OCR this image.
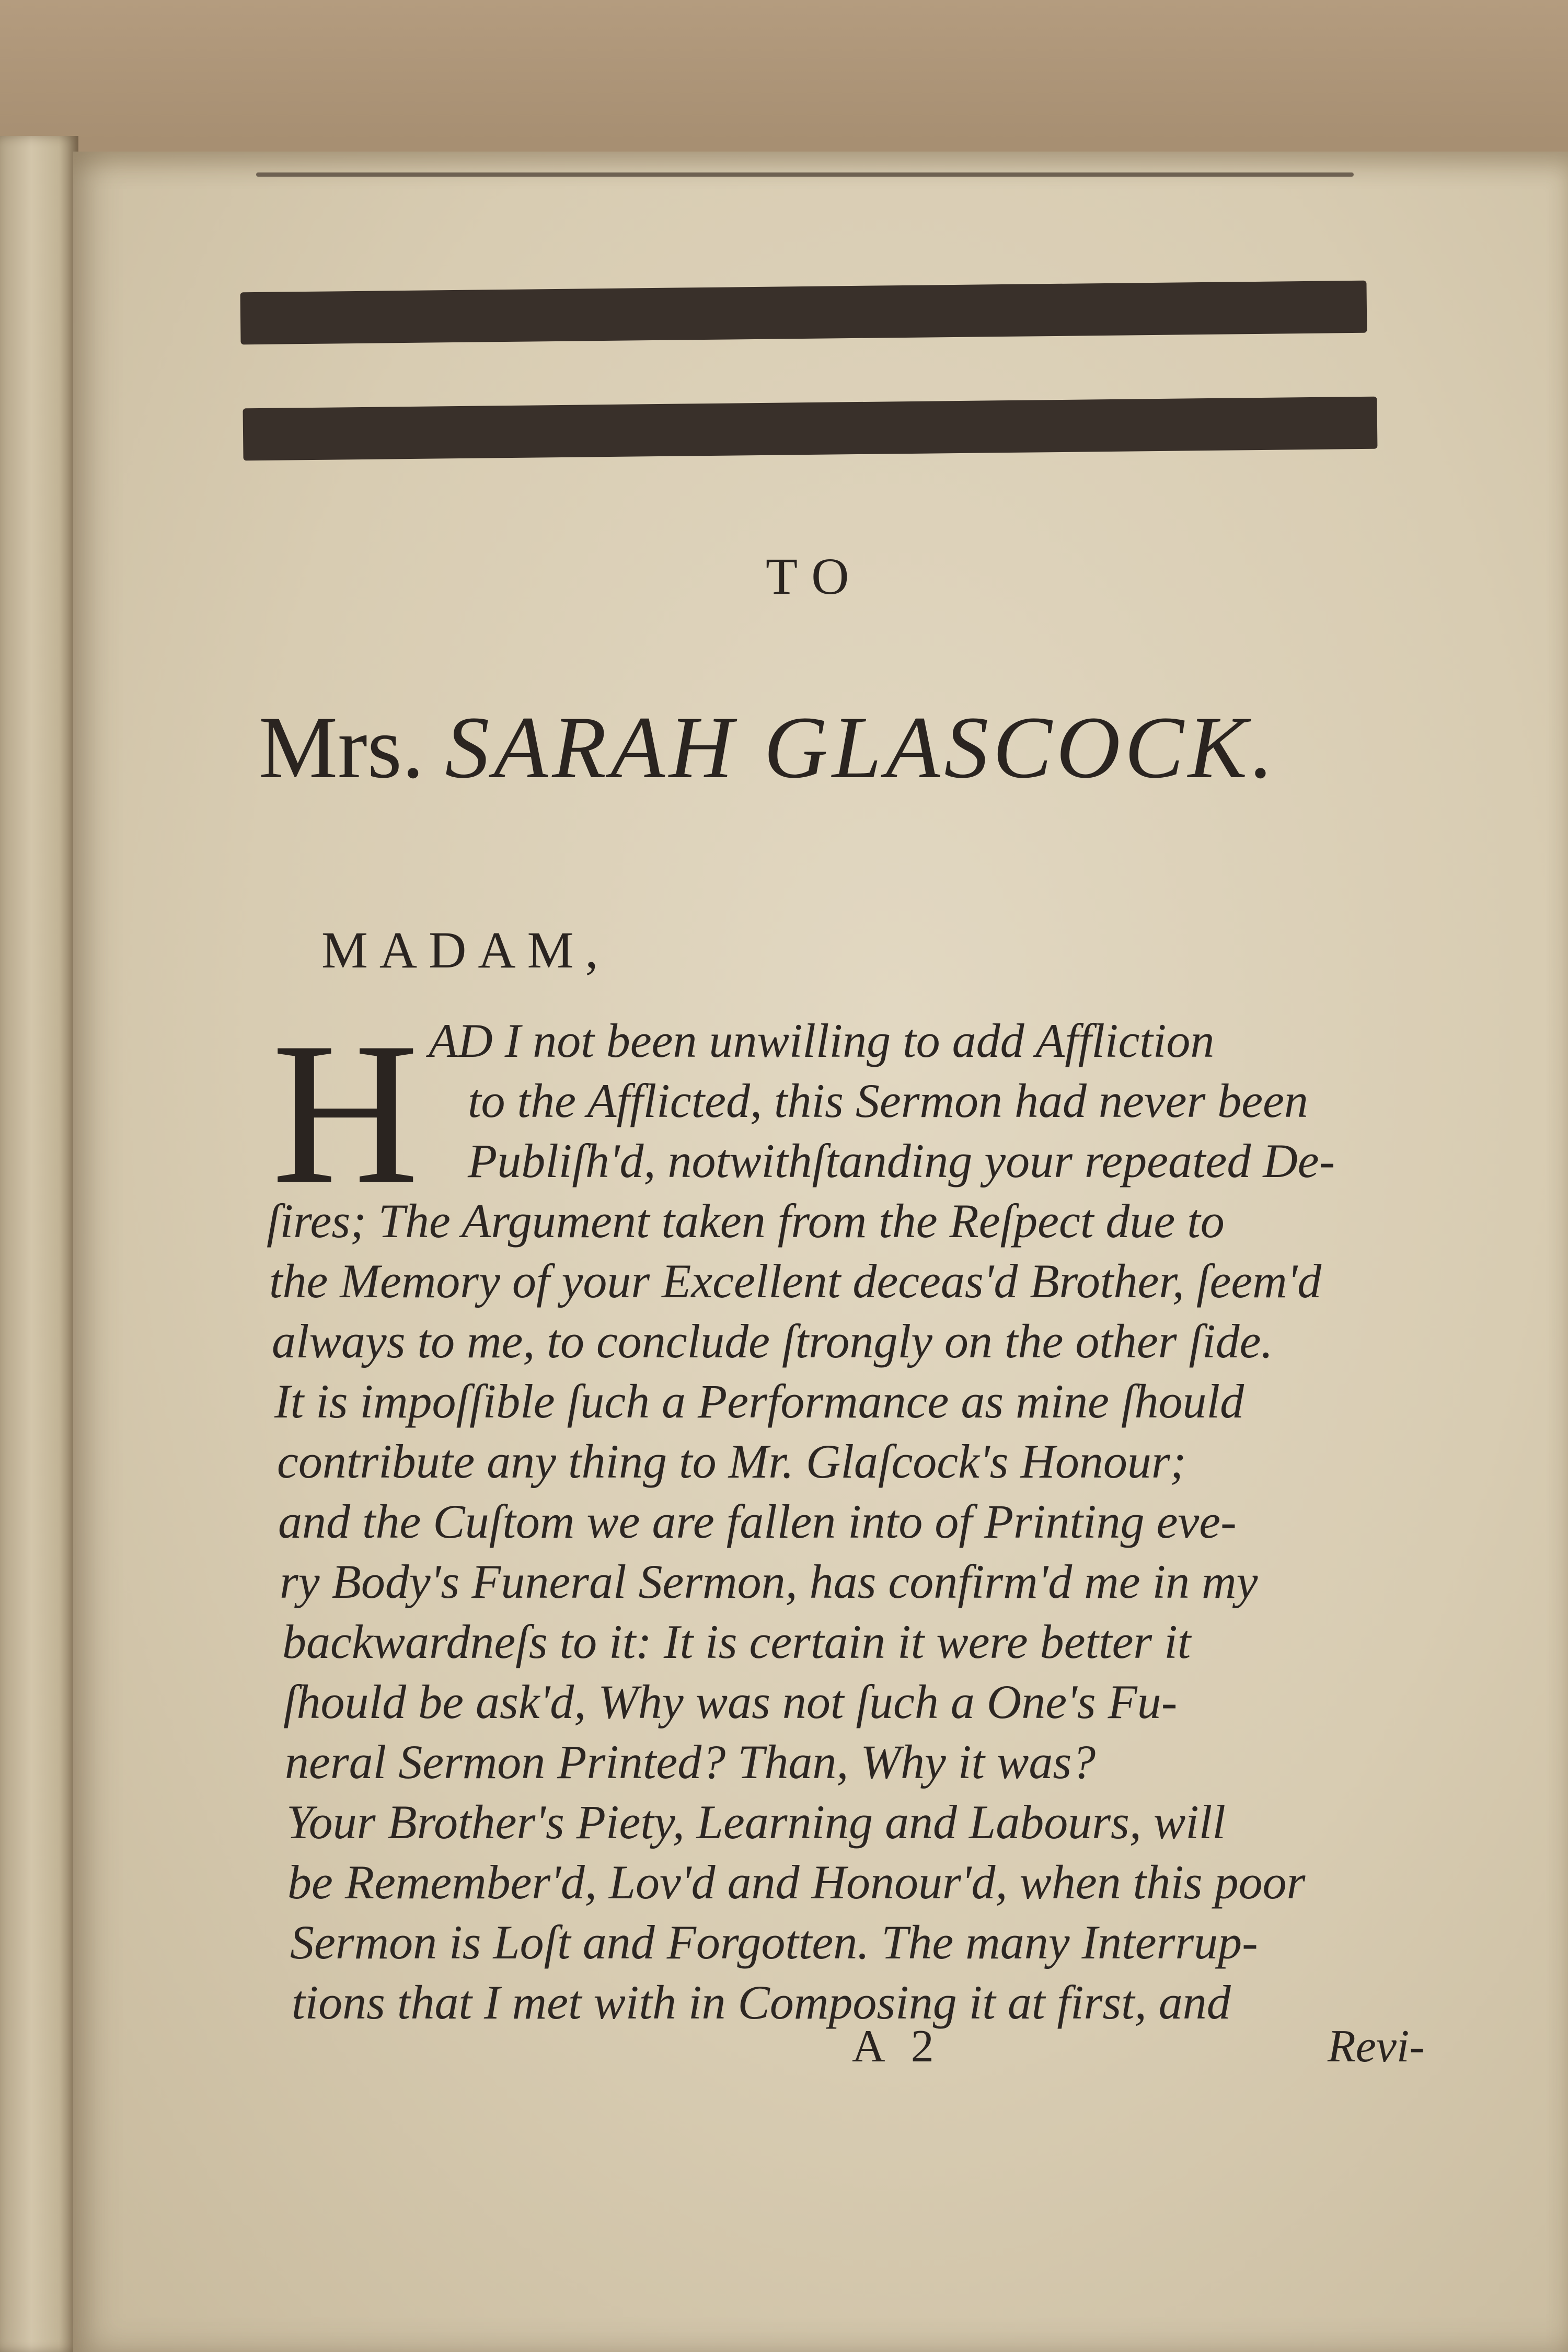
TO
Mrs. SARAH GLASCOCK.
MADAM,
H AD I not been unwilling to add Affliction
to the Afflicted, this Sermon had never been
Publiſh'd, notwithſtanding your repeated De-
ſires; The Argument taken from the Reſpect due to
the Memory of your Excellent deceas'd Brother, ſeem'd
always to me, to conclude ſtrongly on the other ſide.
It is impoſſible ſuch a Performance as mine ſhould
contribute any thing to Mr. Glaſcock's Honour;
and the Cuſtom we are fallen into of Printing eve-
ry Body's Funeral Sermon, has confirm'd me in my
backwardneſs to it: It is certain it were better it
ſhould be ask'd, Why was not ſuch a One's Fu-
neral Sermon Printed? Than, Why it was?
Your Brother's Piety, Learning and Labours, will
be Remember'd, Lov'd and Honour'd, when this poor
Sermon is Loſt and Forgotten. The many Interrup-
tions that I met with in Composing it at first, and
A 2	Revi-
